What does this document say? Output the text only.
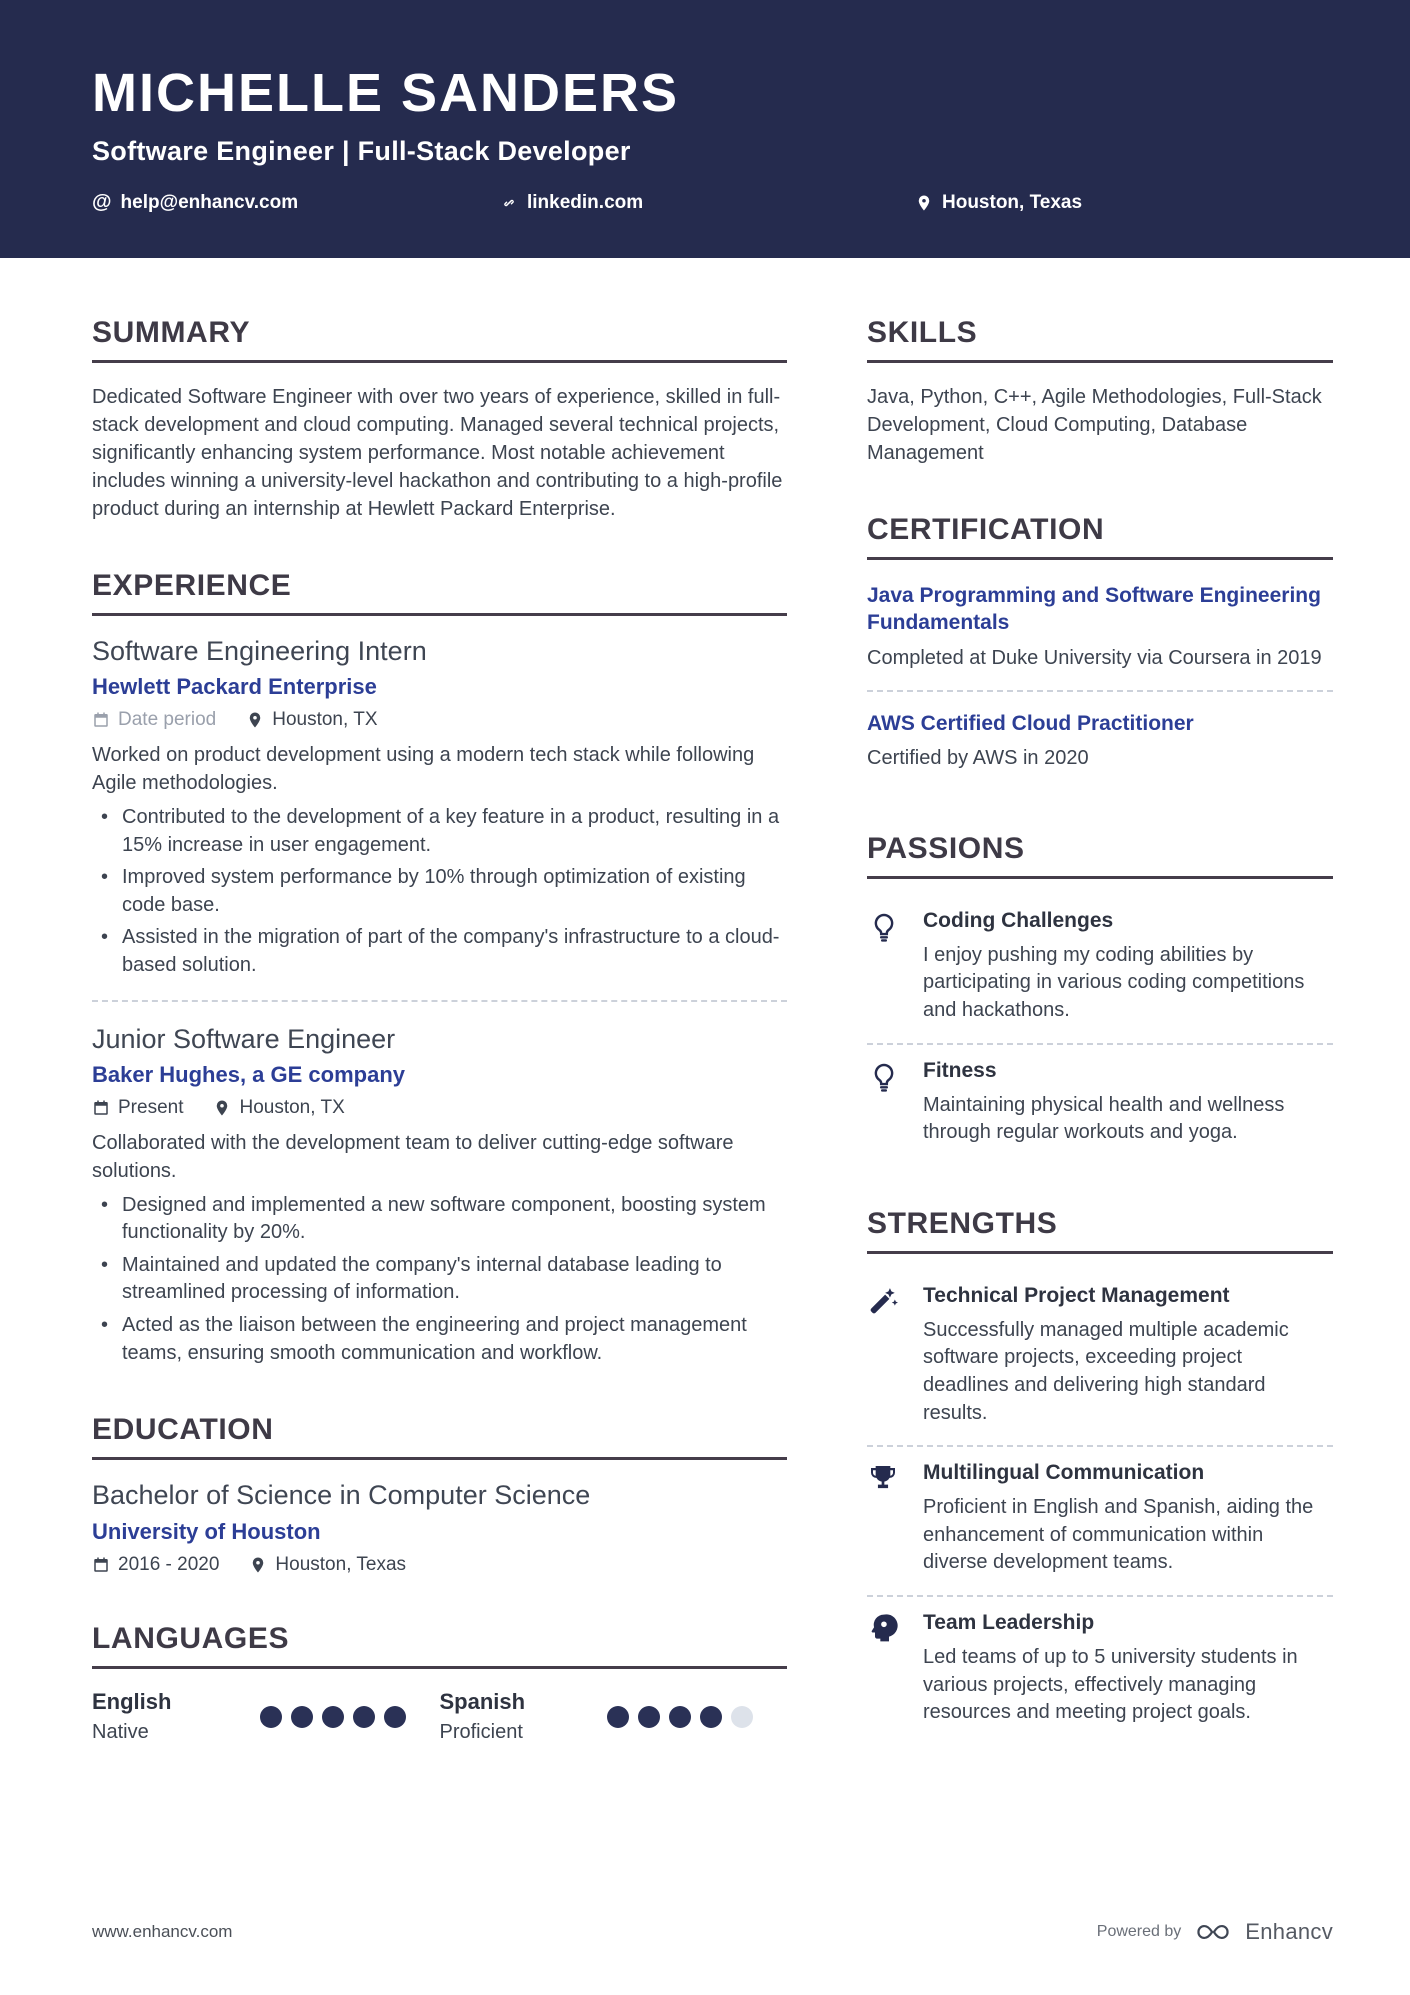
MICHELLE SANDERS
Software Engineer | Full-Stack Developer
@ help@enhancv.com	linkedin.com	Houston, Texas
SUMMARY

Dedicated Software Engineer with over two years of experience, skilled in full-stack development and cloud computing. Managed several technical projects, significantly enhancing system performance. Most notable achievement includes winning a university-level hackathon and contributing to a high-profile product during an internship at Hewlett Packard Enterprise.

EXPERIENCE
Software Engineering Intern
Hewlett Packard Enterprise
Date period	Houston, TX

Worked on product development using a modern tech stack while following Agile methodologies.

• Contributed to the development of a key feature in a product, resulting in a 15% increase in user engagement.
• Improved system performance by 10% through optimization of existing code base.
• Assisted in the migration of part of the company's infrastructure to a cloud-based solution.
Junior Software Engineer
Baker Hughes, a GE company
Present	Houston, TX

Collaborated with the development team to deliver cutting-edge software solutions.

• Designed and implemented a new software component, boosting system functionality by 20%.
• Maintained and updated the company's internal database leading to streamlined processing of information.
• Acted as the liaison between the engineering and project management teams, ensuring smooth communication and workflow.
EDUCATION
Bachelor of Science in Computer Science
University of Houston
2016 - 2020	Houston, Texas
LANGUAGES
English
Native
Spanish
Proficient
SKILLS

Java, Python, C++, Agile Methodologies, Full-Stack Development, Cloud Computing, Database Management

CERTIFICATION
Java Programming and Software Engineering Fundamentals
Completed at Duke University via Coursera in 2019
AWS Certified Cloud Practitioner
Certified by AWS in 2020
PASSIONS
Coding Challenges
I enjoy pushing my coding abilities by participating in various coding competitions and hackathons.
Fitness
Maintaining physical health and wellness through regular workouts and yoga.
STRENGTHS
Technical Project Management
Successfully managed multiple academic software projects, exceeding project deadlines and delivering high standard results.
Multilingual Communication
Proficient in English and Spanish, aiding the enhancement of communication within diverse development teams.
Team Leadership
Led teams of up to 5 university students in various projects, effectively managing resources and meeting project goals.
www.enhancv.com	Powered by	Enhancv
